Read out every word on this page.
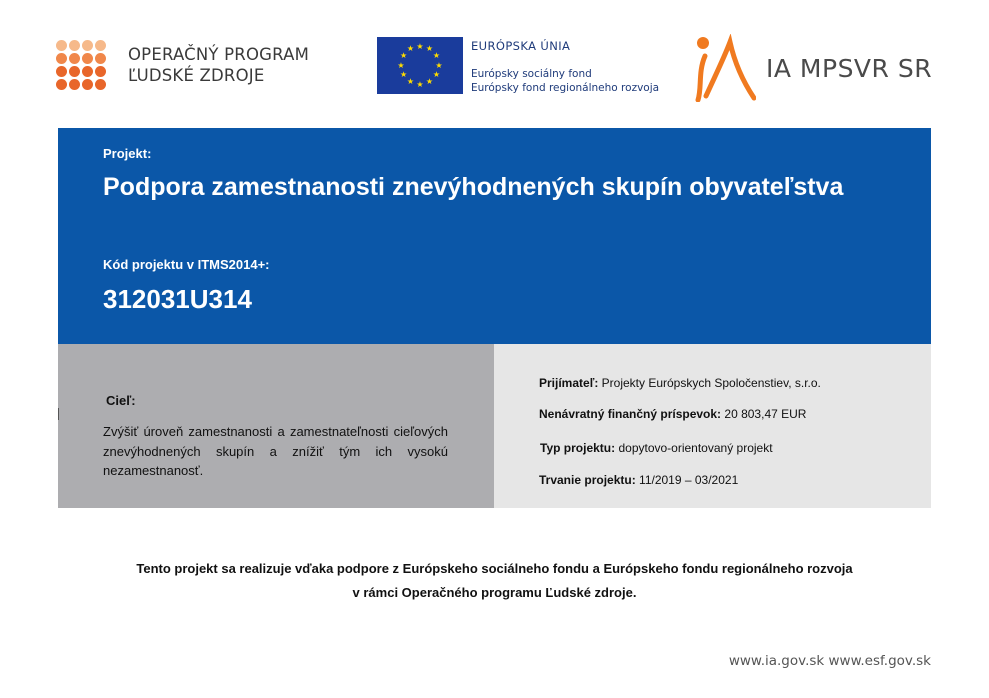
OPERAČNÝ PROGRAM
ĽUDSKÉ ZDROJE
★ ★
★
★
★
★
★
★
★
★
★
★	EURÓPSKA ÚNIA
Európsky sociálny fond
Európsky fond regionálneho rozvoja
IA MPSVR SR
Projekt:
Podpora zamestnanosti znevýhodnených skupín obyvateľstva
Kód projektu v ITMS2014+:
312031U314
Cieľ:
Zvýšiť úroveň zamestnanosti a zamestnateľnosti cieľových znevýhodnených skupín a znížiť tým ich vysokú nezamestnanosť.
Prijímateľ: Projekty Európskych Spoločenstiev, s.r.o.
Nenávratný finančný príspevok: 20 803,47 EUR
Typ projektu: dopytovo-orientovaný projekt
Trvanie projektu: 11/2019 – 03/2021
Tento projekt sa realizuje vďaka podpore z Európskeho sociálneho fondu a Európskeho fondu regionálneho rozvoja
v rámci Operačného programu Ľudské zdroje.
www.ia.gov.sk www.esf.gov.sk
